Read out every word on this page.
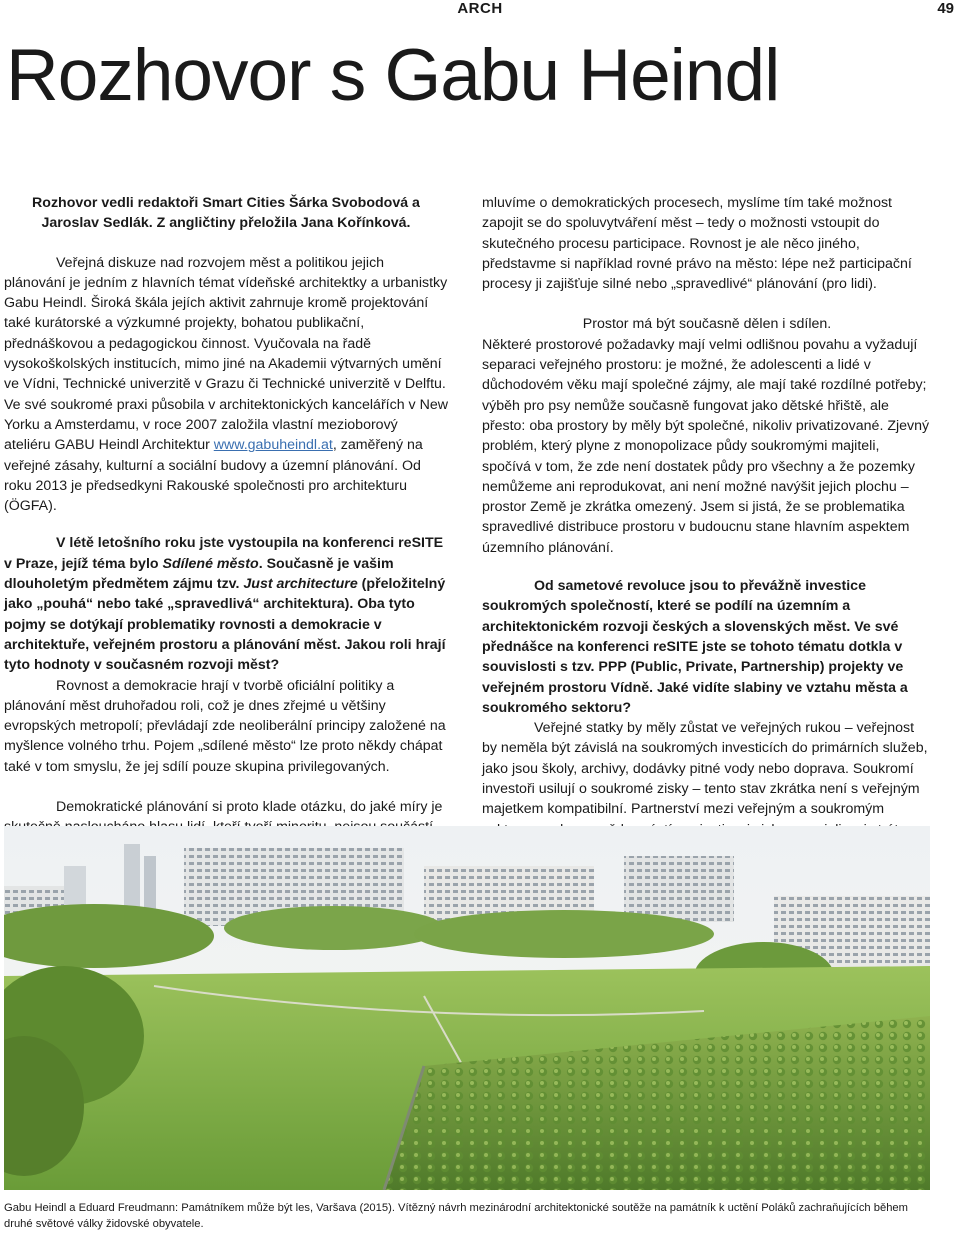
ARCH	49
Rozhovor s Gabu Heindl

Rozhovor vedli redaktoři Smart Cities Šárka Svobodová a Jaroslav Sedlák. Z angličtiny přeložila Jana Kořínková.

Veřejná diskuze nad rozvojem měst a politikou jejich plánování je jedním z hlavních témat vídeňské architektky a urbanistky Gabu Heindl. Široká škála jejích aktivit zahrnuje kromě projektování také kurátorské a výzkumné projekty, bohatou publikační, přednáškovou a pedagogickou činnost. Vyučovala na řadě vysokoškolských institucích, mimo jiné na Akademii výtvarných umění ve Vídni, Technické univerzitě v Grazu či Technické univerzitě v Delftu. Ve své soukromé praxi působila v architektonických kancelářích v New Yorku a Amsterdamu, v roce 2007 založila vlastní mezioborový ateliéru GABU Heindl Architektur www.gabuheindl.at, zaměřený na veřejné zásahy, kulturní a sociální budovy a územní plánování. Od roku 2013 je předsedkyni Rakouské společnosti pro architekturu (ÖGFA).

V létě letošního roku jste vystoupila na konferenci reSITE v Praze, jejíž téma bylo Sdílené město. Současně je vašim dlouholetým předmětem zájmu tzv. Just architecture (přeložitelný jako „pouhá“ nebo také „spravedlivá“ architektura). Oba tyto pojmy se dotýkají problematiky rovnosti a demokracie v architektuře, veřejném prostoru a plánování měst. Jakou roli hrají tyto hodnoty v současném rozvoji měst?

Rovnost a demokracie hrají v tvorbě oficiální politiky a plánování měst druhořadou roli, což je dnes zřejmé u většiny evropských metropolí; převládají zde neoliberální principy založené na myšlence volného trhu. Pojem „sdílené město“ lze proto někdy chápat také v tom smyslu, že jej sdílí pouze skupina privilegovaných.

Demokratické plánování si proto klade otázku, do jaké míry je

mluvíme o demokratických procesech, myslíme tím také možnost zapojit se do spoluvytváření měst – tedy o možnosti vstoupit do skutečného procesu participace. Rovnost je ale něco jiného, představme si například rovné právo na město: lépe než participační procesy ji zajišťuje silné nebo „spravedlivé“ plánování (pro lidi).

Prostor má být současně dělen i sdílen.

Některé prostorové požadavky mají velmi odlišnou povahu a vyžadují separaci veřejného prostoru: je možné, že adolescenti a lidé v důchodovém věku mají společné zájmy, ale mají také rozdílné potřeby; výběh pro psy nemůže současně fungovat jako dětské hřiště, ale přesto: oba prostory by měly být společné, nikoliv privatizované. Zjevný problém, který plyne z monopolizace půdy soukromými majiteli, spočívá v tom, že zde není dostatek půdy pro všechny a že pozemky nemůžeme ani reprodukovat, ani není možné navýšit jejich plochu – prostor Země je zkrátka omezený. Jsem si jistá, že se problematika spravedlivé distribuce prostoru v budoucnu stane hlavním aspektem územního plánování.

Od sametové revoluce jsou to převážně investice soukromých společností, které se podílí na územním a architektonickém rozvoji českých a slovenských měst. Ve své přednášce na konferenci reSITE jste se tohoto tématu dotkla v souvislosti s tzv. PPP (Public, Private, Partnership) projekty ve veřejném prostoru Vídně. Jaké vidíte slabiny ve vztahu města a soukromého sektoru?

Veřejné statky by měly zůstat ve veřejných rukou – veřejnost by neměla být závislá na soukromých investicích do primárních služeb, jako jsou školy, archivy, dodávky pitné vody nebo doprava. Soukromí investoři usilují o soukromé zisky – tento stav zkrátka není s veřejným majetkem kompatibilní. Partnerství mezi veřejným a soukromým

Gabu Heindl a Eduard Freudmann: Památníkem může být les, Varšava (2015). Vítězný návrh mezinárodní architektonické soutěže na památník k uctění Poláků zachraňujících během druhé světové války židovské obyvatele.
